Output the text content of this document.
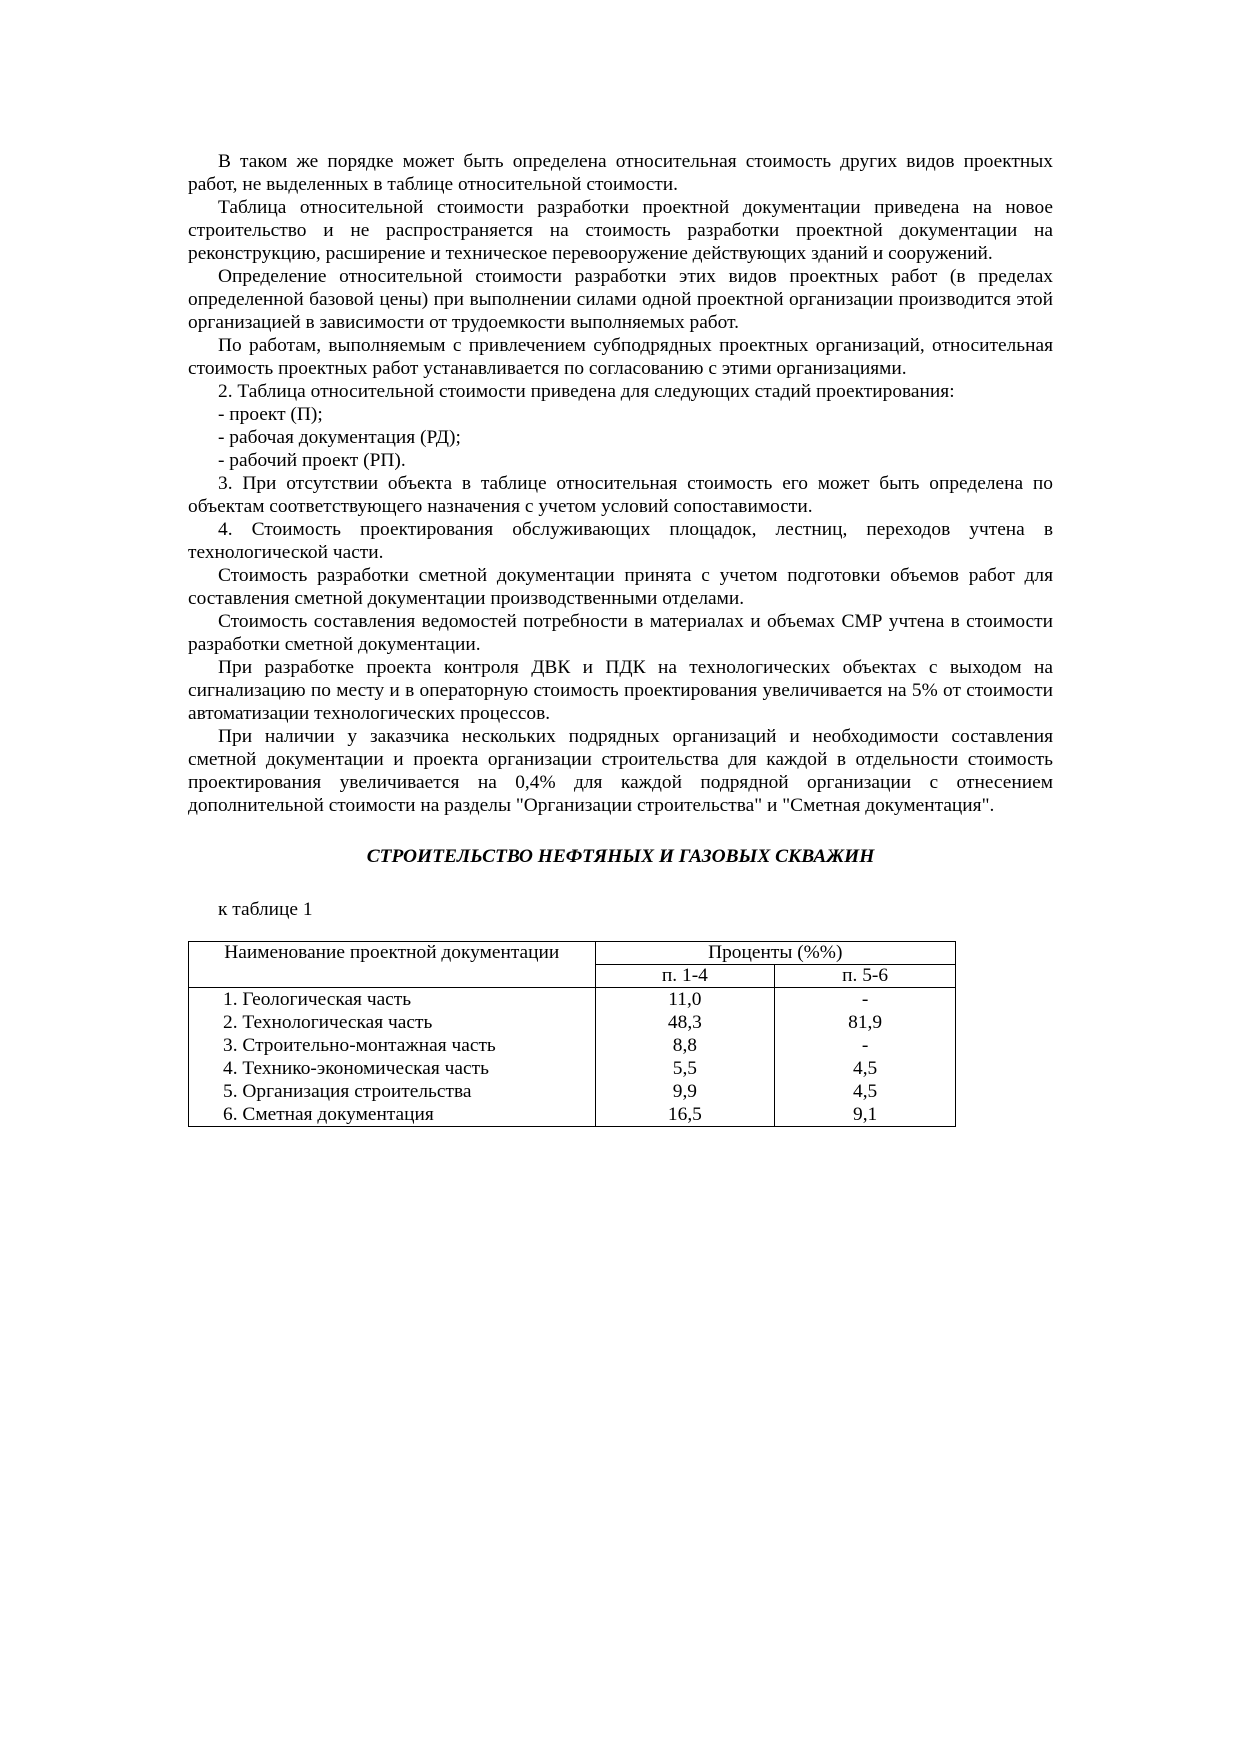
В таком же порядке может быть определена относительная стоимость других видов проектных работ, не выделенных в таблице относительной стоимости.

Таблица относительной стоимости разработки проектной документации приведена на новое строительство и не распространяется на стоимость разработки проектной документации на реконструкцию, расширение и техническое перевооружение действующих зданий и сооружений.

Определение относительной стоимости разработки этих видов проектных работ (в пределах определенной базовой цены) при выполнении силами одной проектной организации производится этой организацией в зависимости от трудоемкости выполняемых работ.

По работам, выполняемым с привлечением субподрядных проектных организаций, относительная стоимость проектных работ устанавливается по согласованию с этими организациями.

2. Таблица относительной стоимости приведена для следующих стадий проектирования:

- проект (П);

- рабочая документация (РД);

- рабочий проект (РП).

3. При отсутствии объекта в таблице относительная стоимость его может быть определена по объектам соответствующего назначения с учетом условий сопоставимости.

4. Стоимость проектирования обслуживающих площадок, лестниц, переходов учтена в технологической части.

Стоимость разработки сметной документации принята с учетом подготовки объемов работ для составления сметной документации производственными отделами.

Стоимость составления ведомостей потребности в материалах и объемах СМР учтена в стоимости разработки сметной документации.

При разработке проекта контроля ДВК и ПДК на технологических объектах с выходом на сигнализацию по месту и в операторную стоимость проектирования увеличивается на 5% от стоимости автоматизации технологических процессов.

При наличии у заказчика нескольких подрядных организаций и необходимости составления сметной документации и проекта организации строительства для каждой в отдельности стоимость проектирования увеличивается на 0,4% для каждой подрядной организации с отнесением дополнительной стоимости на разделы "Организации строительства" и "Сметная документация".

СТРОИТЕЛЬСТВО НЕФТЯНЫХ И ГАЗОВЫХ СКВАЖИН

к таблице 1

Наименование проектной документации	Проценты (%%)	
	п. 1-4	п. 5-6
1. Геологическая часть	11,0	-
2. Технологическая часть	48,3	81,9
3. Строительно-монтажная часть	8,8	-
4. Технико-экономическая часть	5,5	4,5
5. Организация строительства	9,9	4,5
6. Сметная документация	16,5	9,1
